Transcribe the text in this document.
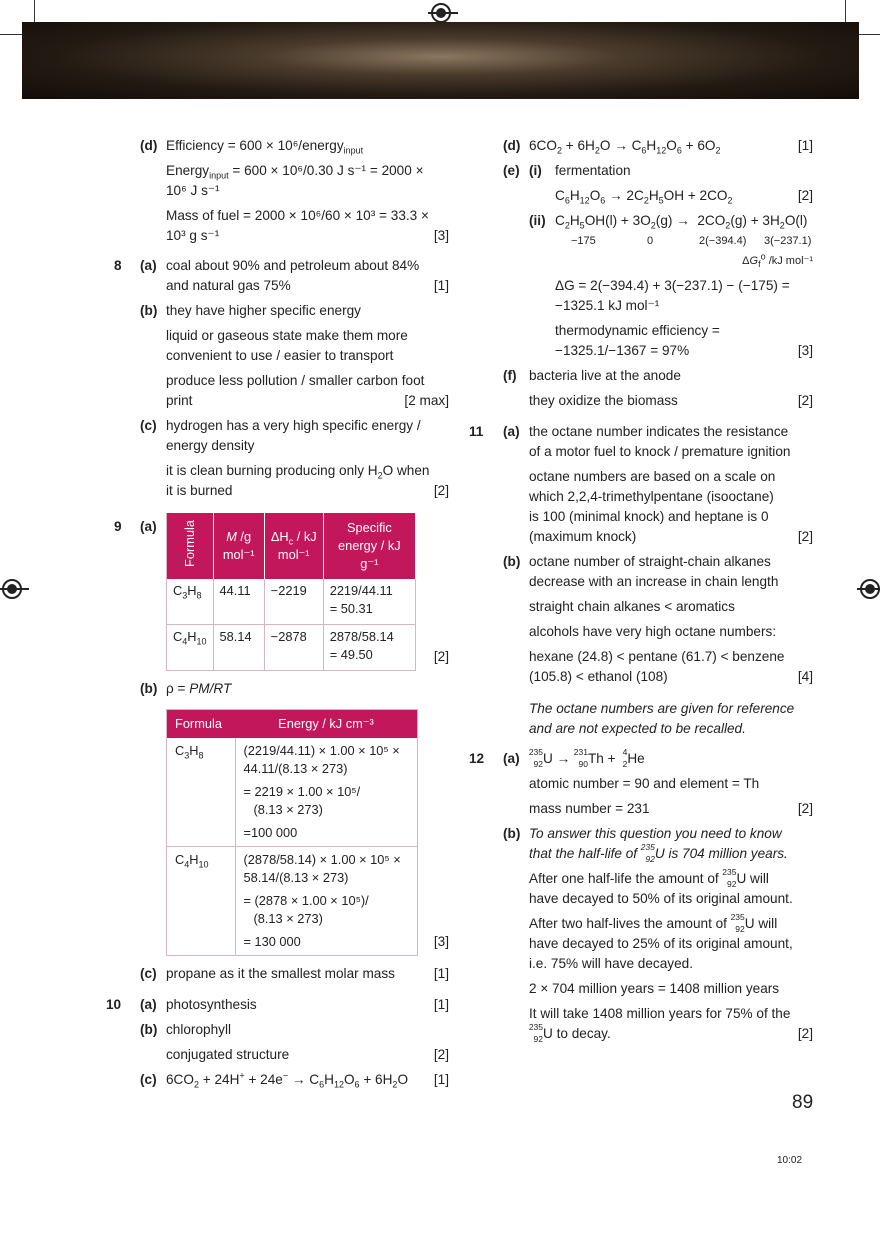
(d) Efficiency = 600 × 10⁶/energy$_{input}$
Energy$_{input}$ = 600 × 10⁶/0.30 J s⁻¹ = 2000 ×
10⁶ J s⁻¹
Mass of fuel = 2000 × 10⁶/60 × 10³ = 33.3 ×
10³ g s⁻¹	[3]
8	(a) coal about 90% and petroleum about 84%
and natural gas 75%	[1]
(b) they have higher specific energy
liquid or gaseous state make them more
convenient to use / easier to transport
produce less pollution / smaller carbon foot
print	[2 max]
(c) hydrogen has a very high specific energy /
energy density
it is clean burning producing only $H_2O$ when
it is burned	[2]
9	(a) Formula	M /g mol⁻¹	$\Delta H_c$ / kJ mol⁻¹	Specific energy / kJ g⁻¹
$C_3H_8$	44.11	−2219	2219/44.11
= 50.31

$C_4H_{10}$	58.14	−2878	2878/58.14
= 49.50	[2]
(b) ρ = PM/RT
Formula	Energy / kJ cm⁻³
$C_3H_8$	(2219/44.11) × 1.00 × 10⁵ ×
44.11/(8.13 × 273)
= 2219 × 1.00 × 10⁵/
(8.13 × 273)
=100 000

$C_4H_{10}$	(2878/58.14) × 1.00 × 10⁵ ×
58.14/(8.13 × 273)
= (2878 × 1.00 × 10⁵)/
(8.13 × 273)
= 130 000	[3]
(c) propane as it the smallest molar mass	[1]
10	(a) photosynthesis	[1]
(b) chlorophyll
conjugated structure	[2]
(c) $6CO_2 + 24H^+ + 24e^- \to C_6H_{12}O_6 + 6H_2O$ [1]
(d) $6CO_2 + 6H_2O \to C_6H_{12}O_6 + 6O_2$	[1]
(e) (i) fermentation
$C_6H_{12}O_6 \to 2C_2H_5OH + 2CO_2$	[2]
(ii) $C_2H_5OH(l) + 3O_2(g) \to 2CO_2(g) + 3H_2O(l)$
−175	0	2(−394.4) 3(−237.1)
$\Delta G_f^o$ /kJ mol⁻¹
ΔG = 2(−394.4) + 3(−237.1) − (−175) =
−1325.1 kJ mol⁻¹
thermodynamic efficiency =
−1325.1/−1367 = 97%	[3]
(f) bacteria live at the anode
they oxidize the biomass	[2]
11	(a) the octane number indicates the resistance
of a motor fuel to knock / premature ignition
octane numbers are based on a scale on
which 2,2,4-trimethylpentane (isooctane)
is 100 (minimal knock) and heptane is 0
(maximum knock)	[2]
(b) octane number of straight-chain alkanes
decrease with an increase in chain length
straight chain alkanes < aromatics
alcohols have very high octane numbers:
hexane (24.8) < pentane (61.7) < benzene
(105.8) < ethanol (108)	[4]
The octane numbers are given for reference
and are not expected to be recalled.
12	(a) 235
92 U → 231
90 Th + 4
2 He
atomic number = 90 and element = Th
mass number = 231	[2]
(b) To answer this question you need to know
that the half-life of 235
92 U is 704 million years.
After one half-life the amount of 235
92 U will
have decayed to 50% of its original amount.
After two half-lives the amount of 235
92 U will
have decayed to 25% of its original amount,
i.e. 75% will have decayed.
2 × 704 million years = 1408 million years
It will take 1408 million years for 75% of the
235
92 U to decay.	[2]
89
10:02
